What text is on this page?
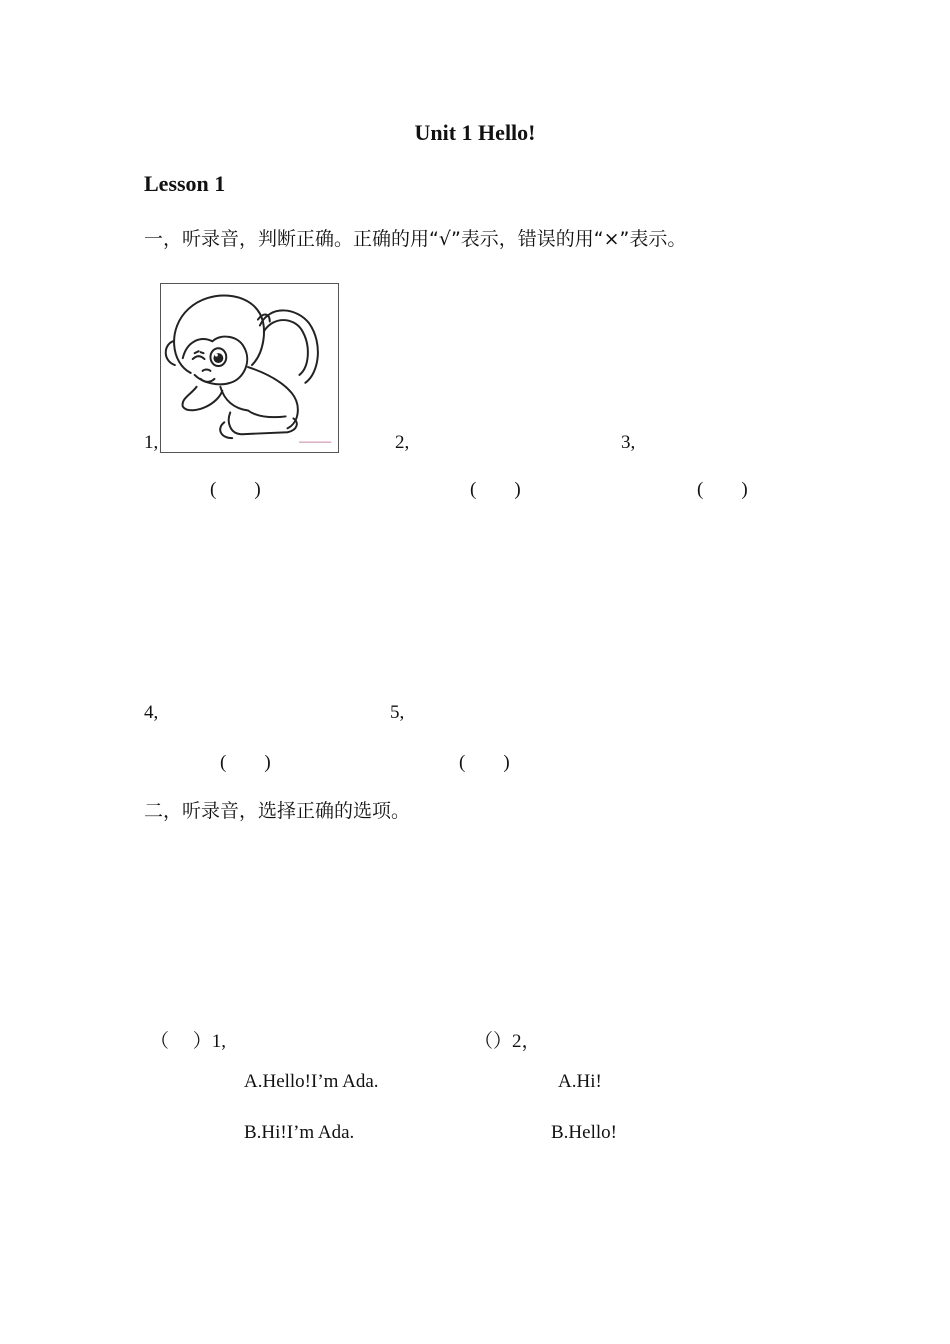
Unit 1 Hello!
Lesson 1
一，听录音，判断正确。正确的用“√”表示，错误的用“×”表示。
1,
(　　)
2,
(　　)
3,
(　　)
4,
(　　)
5,
(　　)
二，听录音，选择正确的选项。
（　 ）1,
A.Hello!I’m Ada.
B.Hi!I’m Ada.
（）2，
A.Hi!
B.Hello!
